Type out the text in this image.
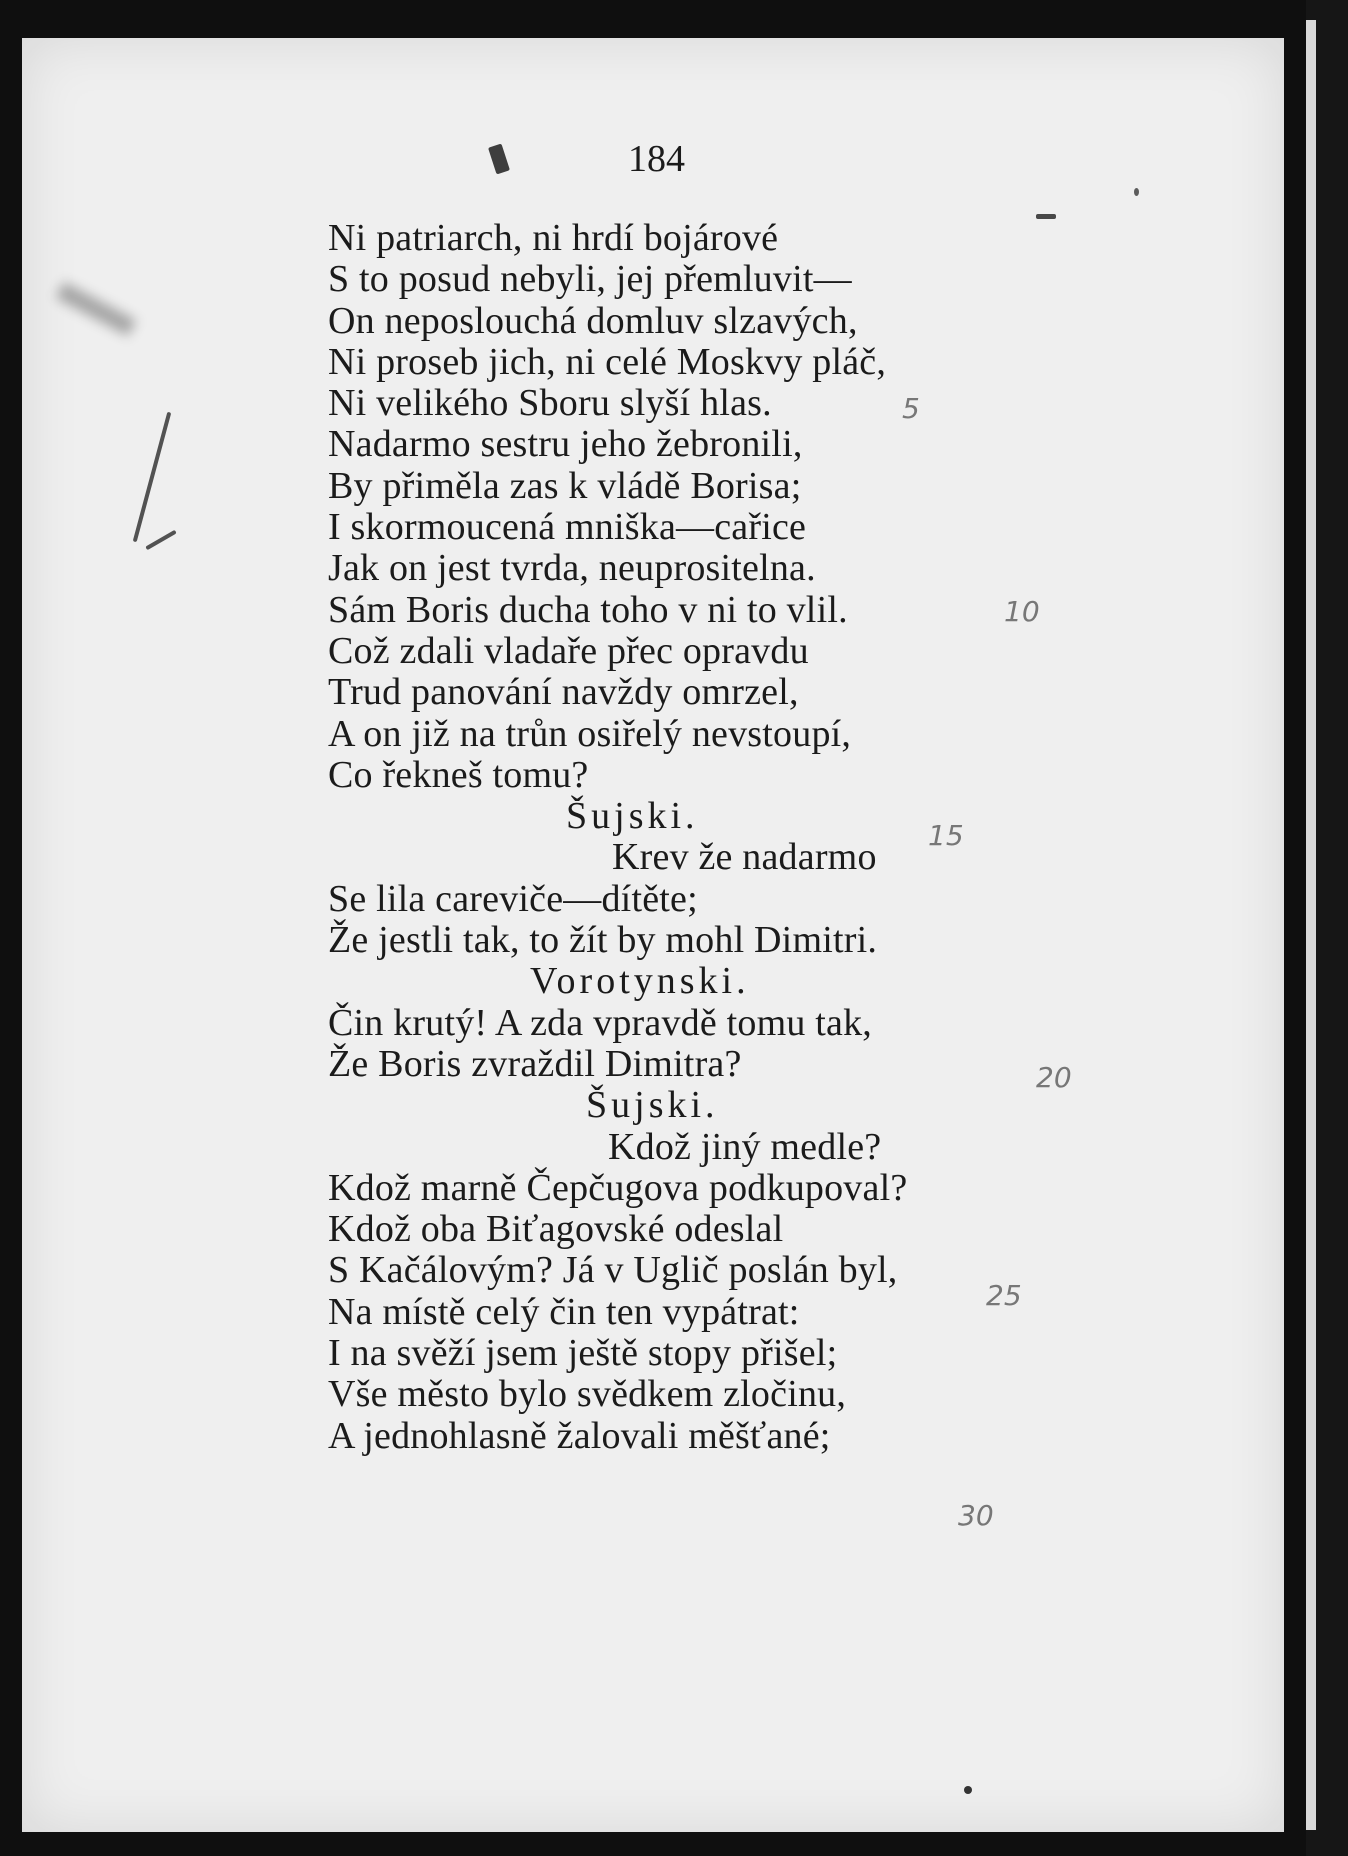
184
5
10
15
20
25
30
Ni patriarch, ni hrdí bojárové
S to posud nebyli, jej přemluvit—
On neposlouchá domluv slzavých,
Ni proseb jich, ni celé Moskvy pláč,
Ni velikého Sboru slyší hlas.
Nadarmo sestru jeho žebronili,
By přiměla zas k vládě Borisa;
I skormoucená mniška—cařice
Jak on jest tvrda, neuprositelna.
Sám Boris ducha toho v ni to vlil.
Což zdali vladaře přec opravdu
Trud panování navždy omrzel,
A on již na trůn osiřelý nevstoupí,
Co řekneš tomu?
Šujski.
Krev že nadarmo
Se lila careviče—dítěte;
Že jestli tak, to žít by mohl Dimitri.
Vorotynski.
Čin krutý! A zda vpravdě tomu tak,
Že Boris zvraždil Dimitra?
Šujski.
Kdož jiný medle?
Kdož marně Čepčugova podkupoval?
Kdož oba Biťagovské odeslal
S Kačálovým? Já v Uglič poslán byl,
Na místě celý čin ten vypátrat:
I na svěží jsem ještě stopy přišel;
Vše město bylo svědkem zločinu,
A jednohlasně žalovali měšťané;
